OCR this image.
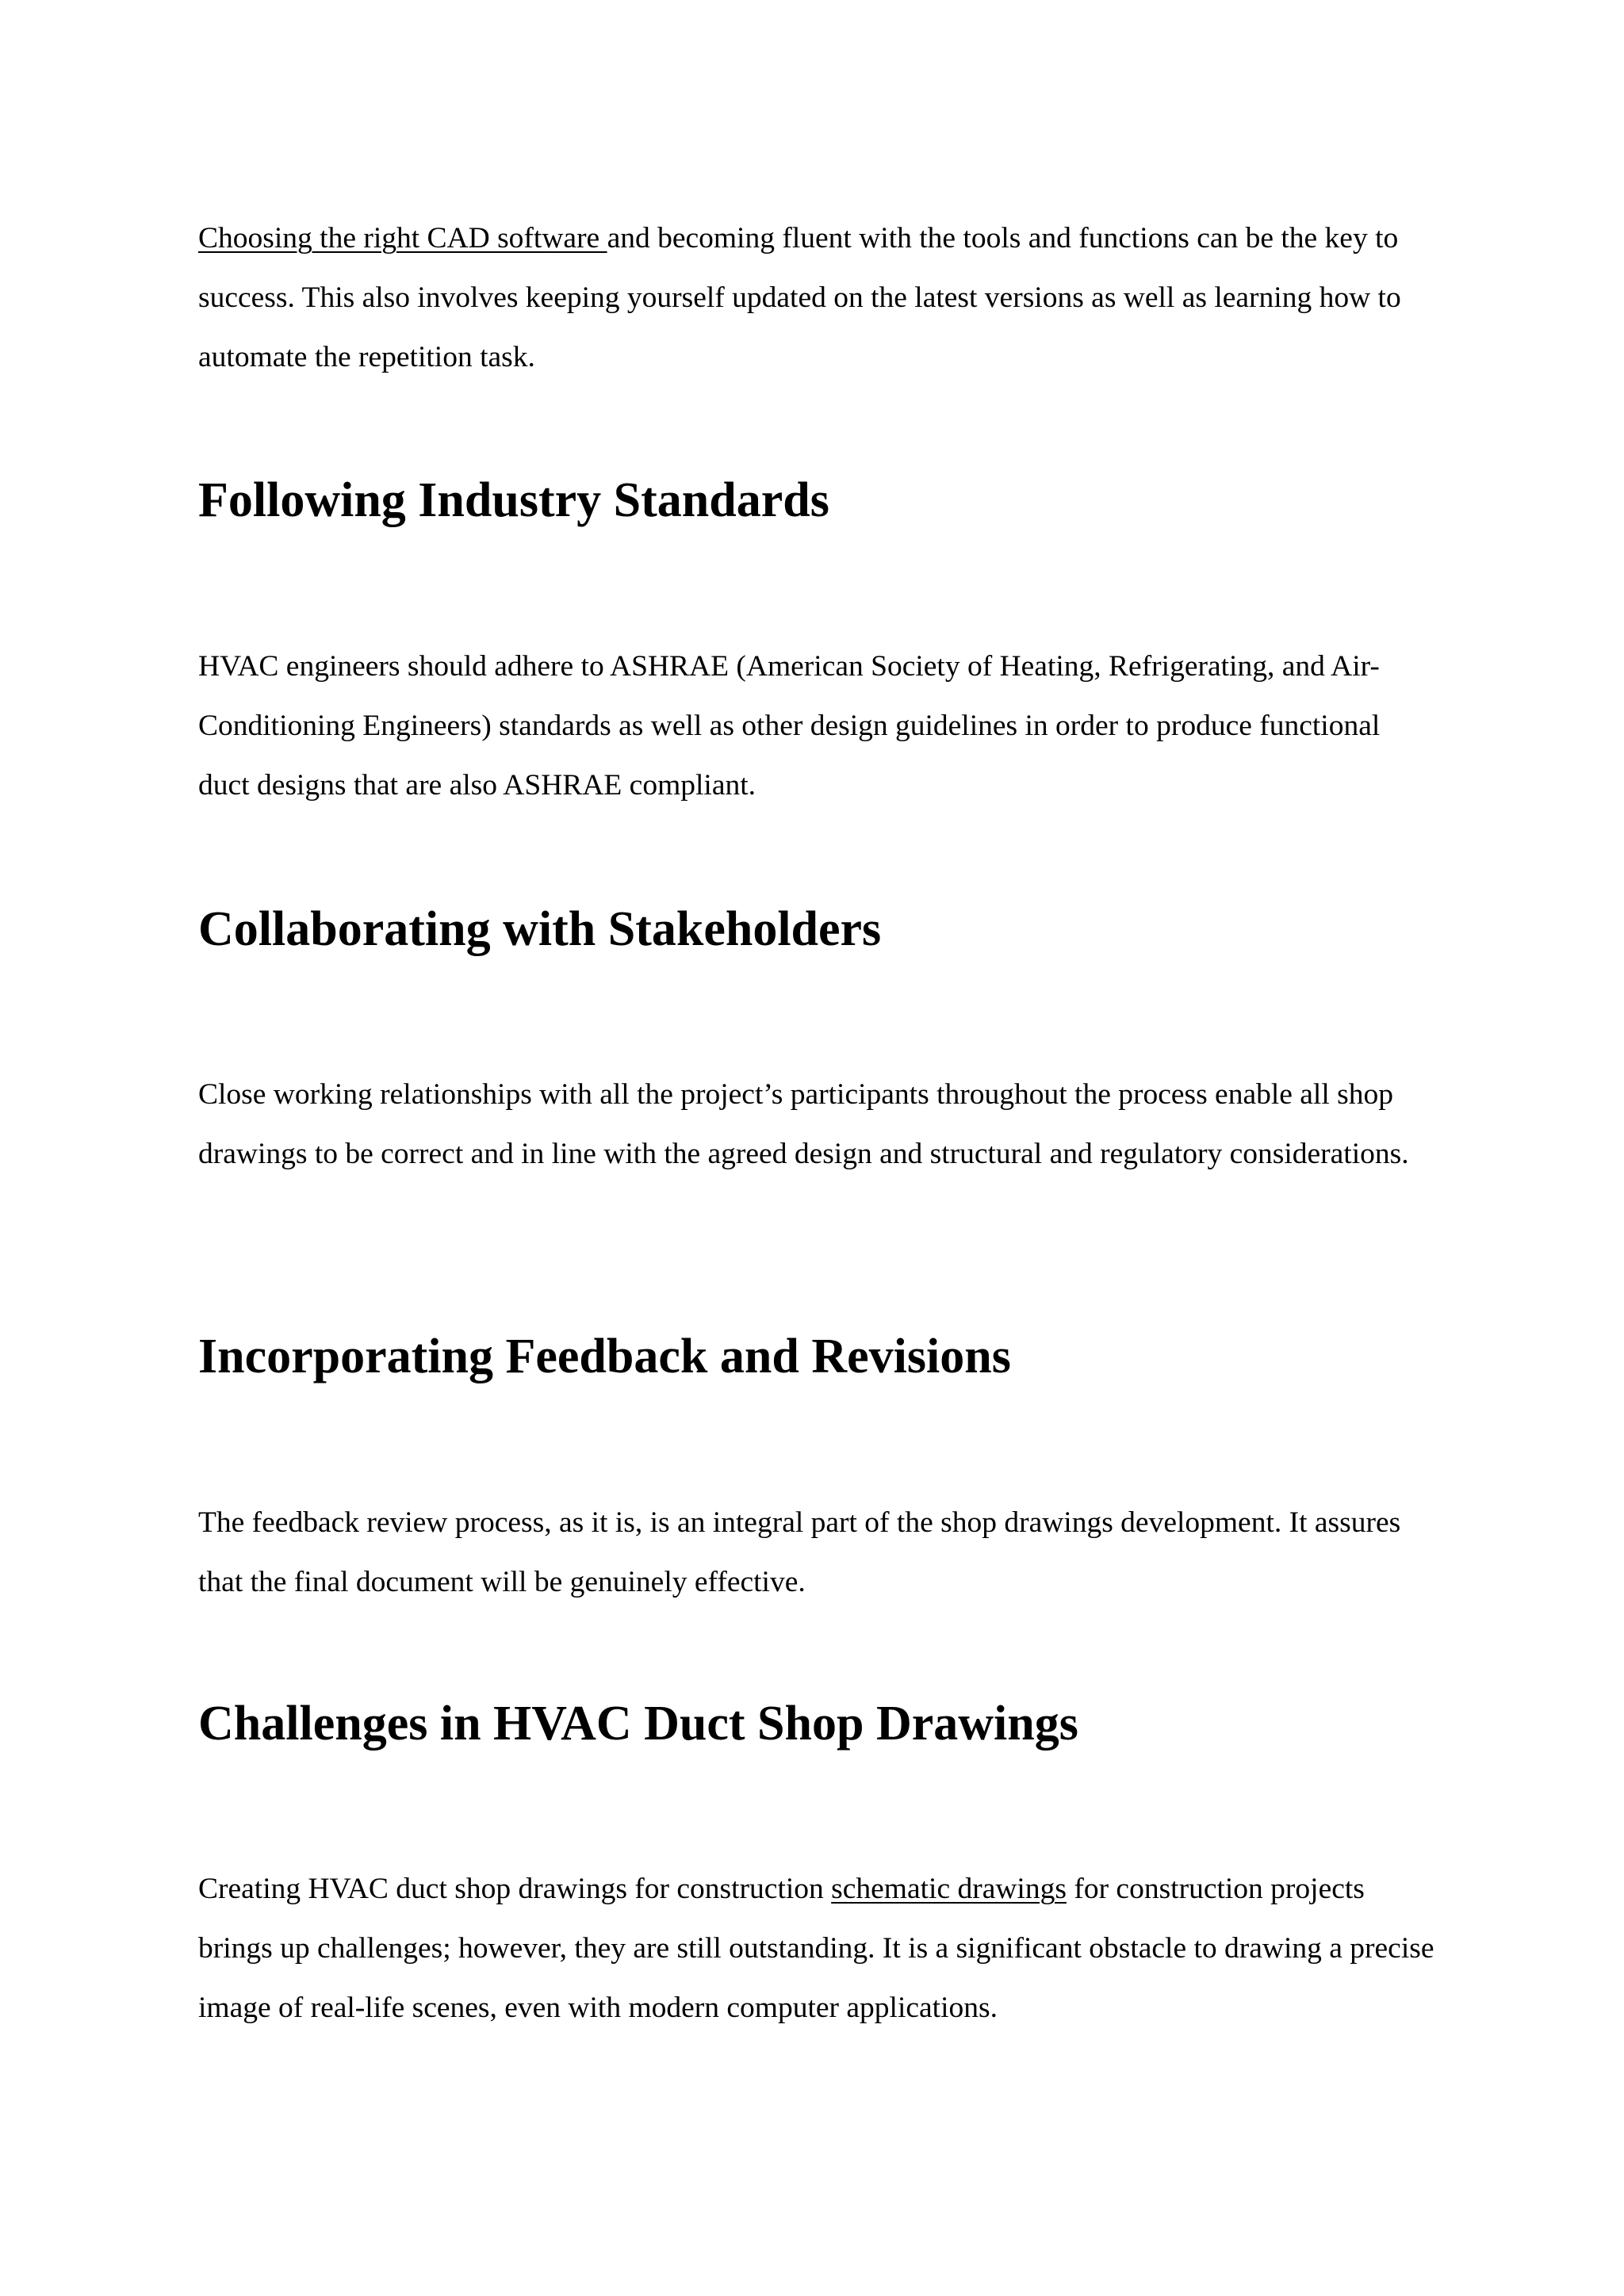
Choosing the right CAD software and becoming fluent with the tools and functions can be the key to success. This also involves keeping yourself updated on the latest versions as well as learning how to automate the repetition task.

Following Industry Standards

HVAC engineers should adhere to ASHRAE (American Society of Heating, Refrigerating, and Air-Conditioning Engineers) standards as well as other design guidelines in order to produce functional duct designs that are also ASHRAE compliant.

Collaborating with Stakeholders

Close working relationships with all the project’s participants throughout the process enable all shop drawings to be correct and in line with the agreed design and structural and regulatory considerations.

Incorporating Feedback and Revisions

The feedback review process, as it is, is an integral part of the shop drawings development. It assures that the final document will be genuinely effective.

Challenges in HVAC Duct Shop Drawings

Creating HVAC duct shop drawings for construction schematic drawings for construction projects brings up challenges; however, they are still outstanding. It is a significant obstacle to drawing a precise image of real-life scenes, even with modern computer applications.
